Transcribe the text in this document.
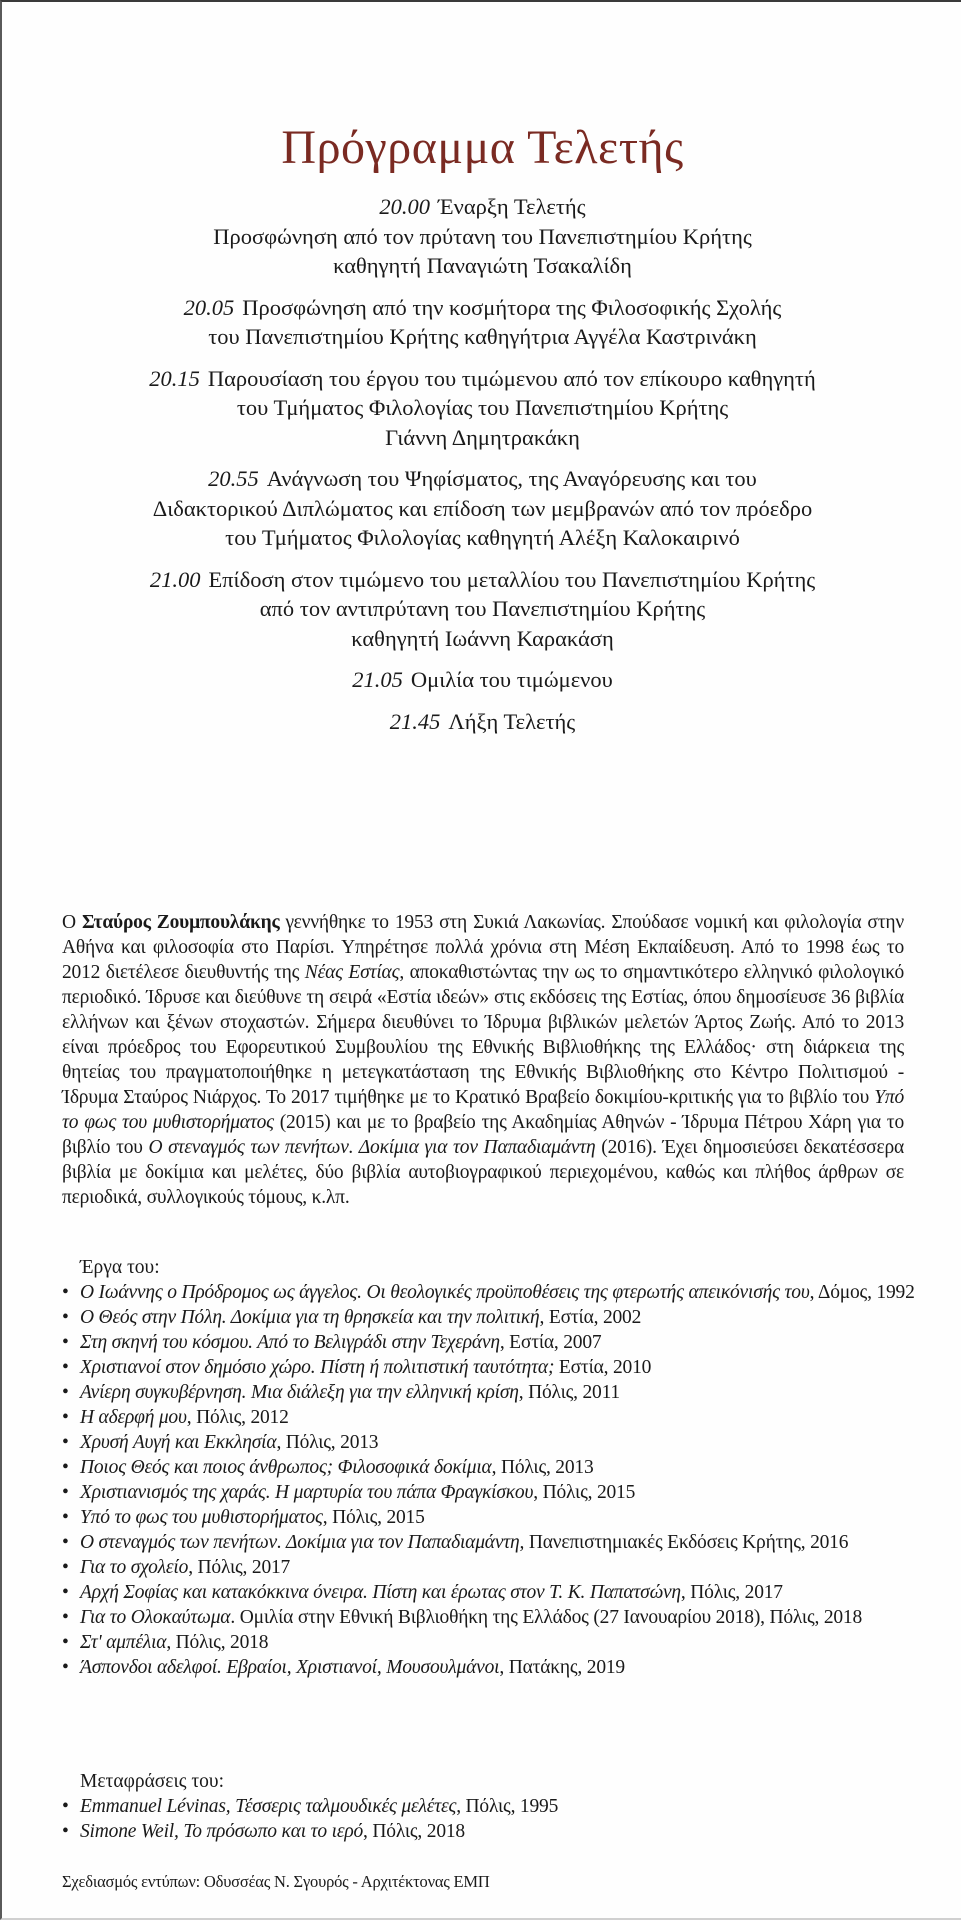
Πρόγραμμα Τελετής
20.00 Έναρξη Τελετής
Προσφώνηση από τον πρύτανη του Πανεπιστημίου Κρήτης
καθηγητή Παναγιώτη Τσακαλίδη
20.05 Προσφώνηση από την κοσμήτορα της Φιλοσοφικής Σχολής
του Πανεπιστημίου Κρήτης καθηγήτρια Αγγέλα Καστρινάκη
20.15 Παρουσίαση του έργου του τιμώμενου από τον επίκουρο καθηγητή
του Τμήματος Φιλολογίας του Πανεπιστημίου Κρήτης
Γιάννη Δημητρακάκη
20.55 Ανάγνωση του Ψηφίσματος, της Αναγόρευσης και του
Διδακτορικού Διπλώματος και επίδοση των μεμβρανών από τον πρόεδρο
του Τμήματος Φιλολογίας καθηγητή Αλέξη Καλοκαιρινό
21.00 Επίδοση στον τιμώμενο του μεταλλίου του Πανεπιστημίου Κρήτης
από τον αντιπρύτανη του Πανεπιστημίου Κρήτης
καθηγητή Ιωάννη Καρακάση
21.05 Ομιλία του τιμώμενου
21.45 Λήξη Τελετής
Ο Σταύρος Ζουμπουλάκης γεννήθηκε το 1953 στη Συκιά Λακωνίας. Σπούδασε νομική και φιλολογία στην Αθήνα και φιλοσοφία στο Παρίσι. Υπηρέτησε πολλά χρόνια στη Μέση Εκπαίδευση. Από το 1998 έως το 2012 διετέλεσε διευθυντής της Νέας Εστίας, αποκαθιστώντας την ως το σημαντικότερο ελληνικό φιλολογικό περιοδικό. Ίδρυσε και διεύθυνε τη σειρά «Εστία ιδεών» στις εκδόσεις της Εστίας, όπου δημοσίευσε 36 βιβλία ελλήνων και ξένων στοχαστών. Σήμερα διευθύνει το Ίδρυμα βιβλικών μελετών Άρτος Ζωής. Από το 2013 είναι πρόεδρος του Εφορευτικού Συμβουλίου της Εθνικής Βιβλιοθήκης της Ελλάδος· στη διάρκεια της θητείας του πραγματοποιήθηκε η μετεγκατάσταση της Εθνικής Βιβλιοθήκης στο Κέντρο Πολιτισμού - Ίδρυμα Σταύρος Νιάρχος. Το 2017 τιμήθηκε με το Κρατικό Βραβείο δοκιμίου-κριτικής για το βιβλίο του Υπό το φως του μυθιστορήματος (2015) και με το βραβείο της Ακαδημίας Αθηνών - Ίδρυμα Πέτρου Χάρη για το βιβλίο του Ο στεναγμός των πενήτων. Δοκίμια για τον Παπαδιαμάντη (2016). Έχει δημοσιεύσει δεκατέσσερα βιβλία με δοκίμια και μελέτες, δύο βιβλία αυτοβιογραφικού περιεχομένου, καθώς και πλήθος άρθρων σε περιοδικά, συλλογικούς τόμους, κ.λπ.
Έργα του:
• Ο Ιωάννης ο Πρόδρομος ως άγγελος. Οι θεολογικές προϋποθέσεις της φτερωτής απεικόνισής του, Δόμος, 1992
• Ο Θεός στην Πόλη. Δοκίμια για τη θρησκεία και την πολιτική, Εστία, 2002
• Στη σκηνή του κόσμου. Από το Βελιγράδι στην Τεχεράνη, Εστία, 2007
• Χριστιανοί στον δημόσιο χώρο. Πίστη ή πολιτιστική ταυτότητα; Εστία, 2010
• Ανίερη συγκυβέρνηση. Μια διάλεξη για την ελληνική κρίση, Πόλις, 2011
• Η αδερφή μου, Πόλις, 2012
• Χρυσή Αυγή και Εκκλησία, Πόλις, 2013
• Ποιος Θεός και ποιος άνθρωπος; Φιλοσοφικά δοκίμια, Πόλις, 2013
• Χριστιανισμός της χαράς. Η μαρτυρία του πάπα Φραγκίσκου, Πόλις, 2015
• Υπό το φως του μυθιστορήματος, Πόλις, 2015
• Ο στεναγμός των πενήτων. Δοκίμια για τον Παπαδιαμάντη, Πανεπιστημιακές Εκδόσεις Κρήτης, 2016
• Για το σχολείο, Πόλις, 2017
• Αρχή Σοφίας και κατακόκκινα όνειρα. Πίστη και έρωτας στον Τ. Κ. Παπατσώνη, Πόλις, 2017
• Για το Ολοκαύτωμα. Ομιλία στην Εθνική Βιβλιοθήκη της Ελλάδος (27 Ιανουαρίου 2018), Πόλις, 2018
• Στ' αμπέλια, Πόλις, 2018
• Άσπονδοι αδελφοί. Εβραίοι, Χριστιανοί, Μουσουλμάνοι, Πατάκης, 2019
Μεταφράσεις του:
• Emmanuel Lévinas, Τέσσερις ταλμουδικές μελέτες, Πόλις, 1995
• Simone Weil, Το πρόσωπο και το ιερό, Πόλις, 2018
Σχεδιασμός εντύπων: Οδυσσέας Ν. Σγουρός - Αρχιτέκτονας ΕΜΠ
